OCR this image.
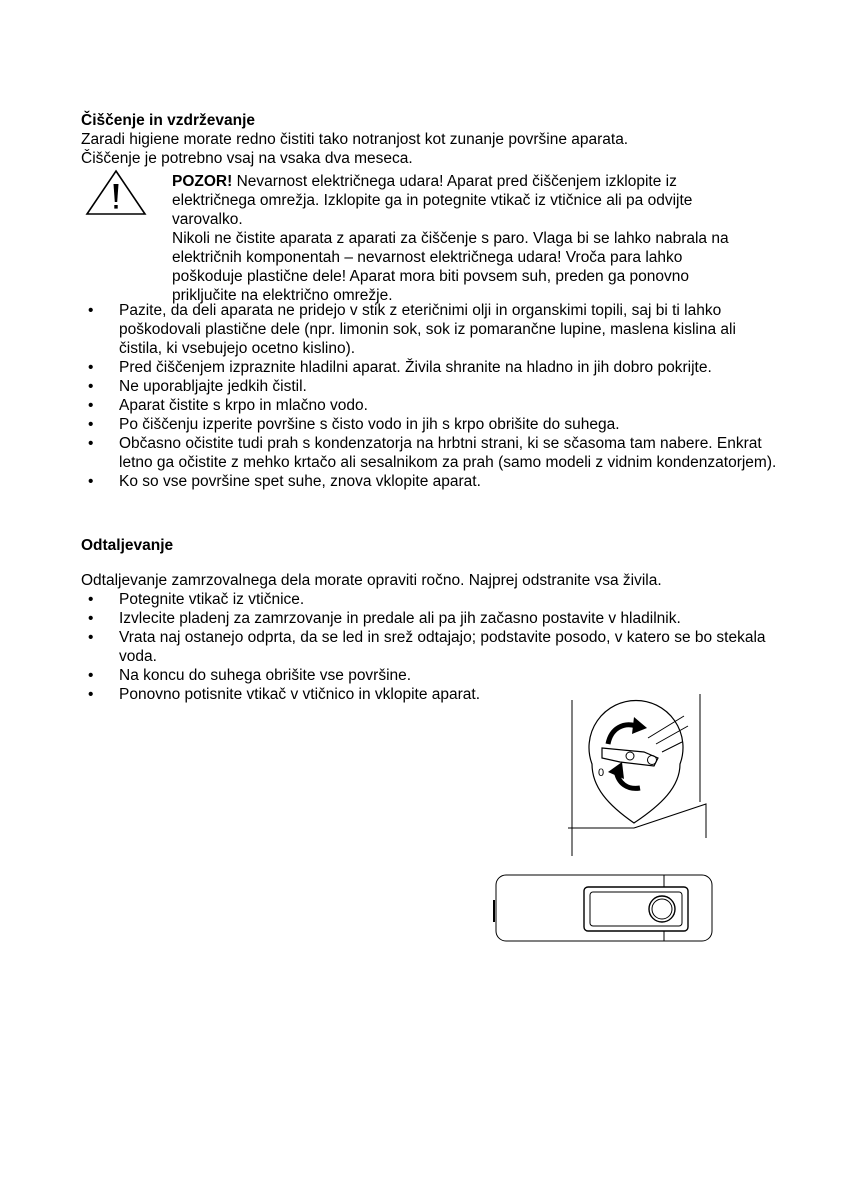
Čiščenje in vzdrževanje
Zaradi higiene morate redno čistiti tako notranjost kot zunanje površine aparata.
Čiščenje je potrebno vsaj na vsaka dva meseca.
POZOR! Nevarnost električnega udara! Aparat pred čiščenjem izklopite iz
električnega omrežja. Izklopite ga in potegnite vtikač iz vtičnice ali pa odvijte
varovalko.
Nikoli ne čistite aparata z aparati za čiščenje s paro. Vlaga bi se lahko nabrala na
električnih komponentah – nevarnost električnega udara! Vroča para lahko
poškoduje plastične dele! Aparat mora biti povsem suh, preden ga ponovno
priključite na električno omrežje.
• Pazite, da deli aparata ne pridejo v stik z eteričnimi olji in organskimi topili, saj bi ti lahko poškodovali plastične dele (npr. limonin sok, sok iz pomarančne lupine, maslena kislina ali čistila, ki vsebujejo ocetno kislino).
• Pred čiščenjem izpraznite hladilni aparat. Živila shranite na hladno in jih dobro pokrijte.
• Ne uporabljajte jedkih čistil.
• Aparat čistite s krpo in mlačno vodo.
• Po čiščenju izperite površine s čisto vodo in jih s krpo obrišite do suhega.
• Občasno očistite tudi prah s kondenzatorja na hrbtni strani, ki se sčasoma tam nabere. Enkrat letno ga očistite z mehko krtačo ali sesalnikom za prah (samo modeli z vidnim kondenzatorjem).
• Ko so vse površine spet suhe, znova vklopite aparat.
Odtaljevanje
Odtaljevanje zamrzovalnega dela morate opraviti ročno. Najprej odstranite vsa živila.
• Potegnite vtikač iz vtičnice.
• Izvlecite pladenj za zamrzovanje in predale ali pa jih začasno postavite v hladilnik.
• Vrata naj ostanejo odprta, da se led in srež odtajajo; podstavite posodo, v katero se bo stekala voda.
• Na koncu do suhega obrišite vse površine.
• Ponovno potisnite vtikač v vtičnico in vklopite aparat.
0
